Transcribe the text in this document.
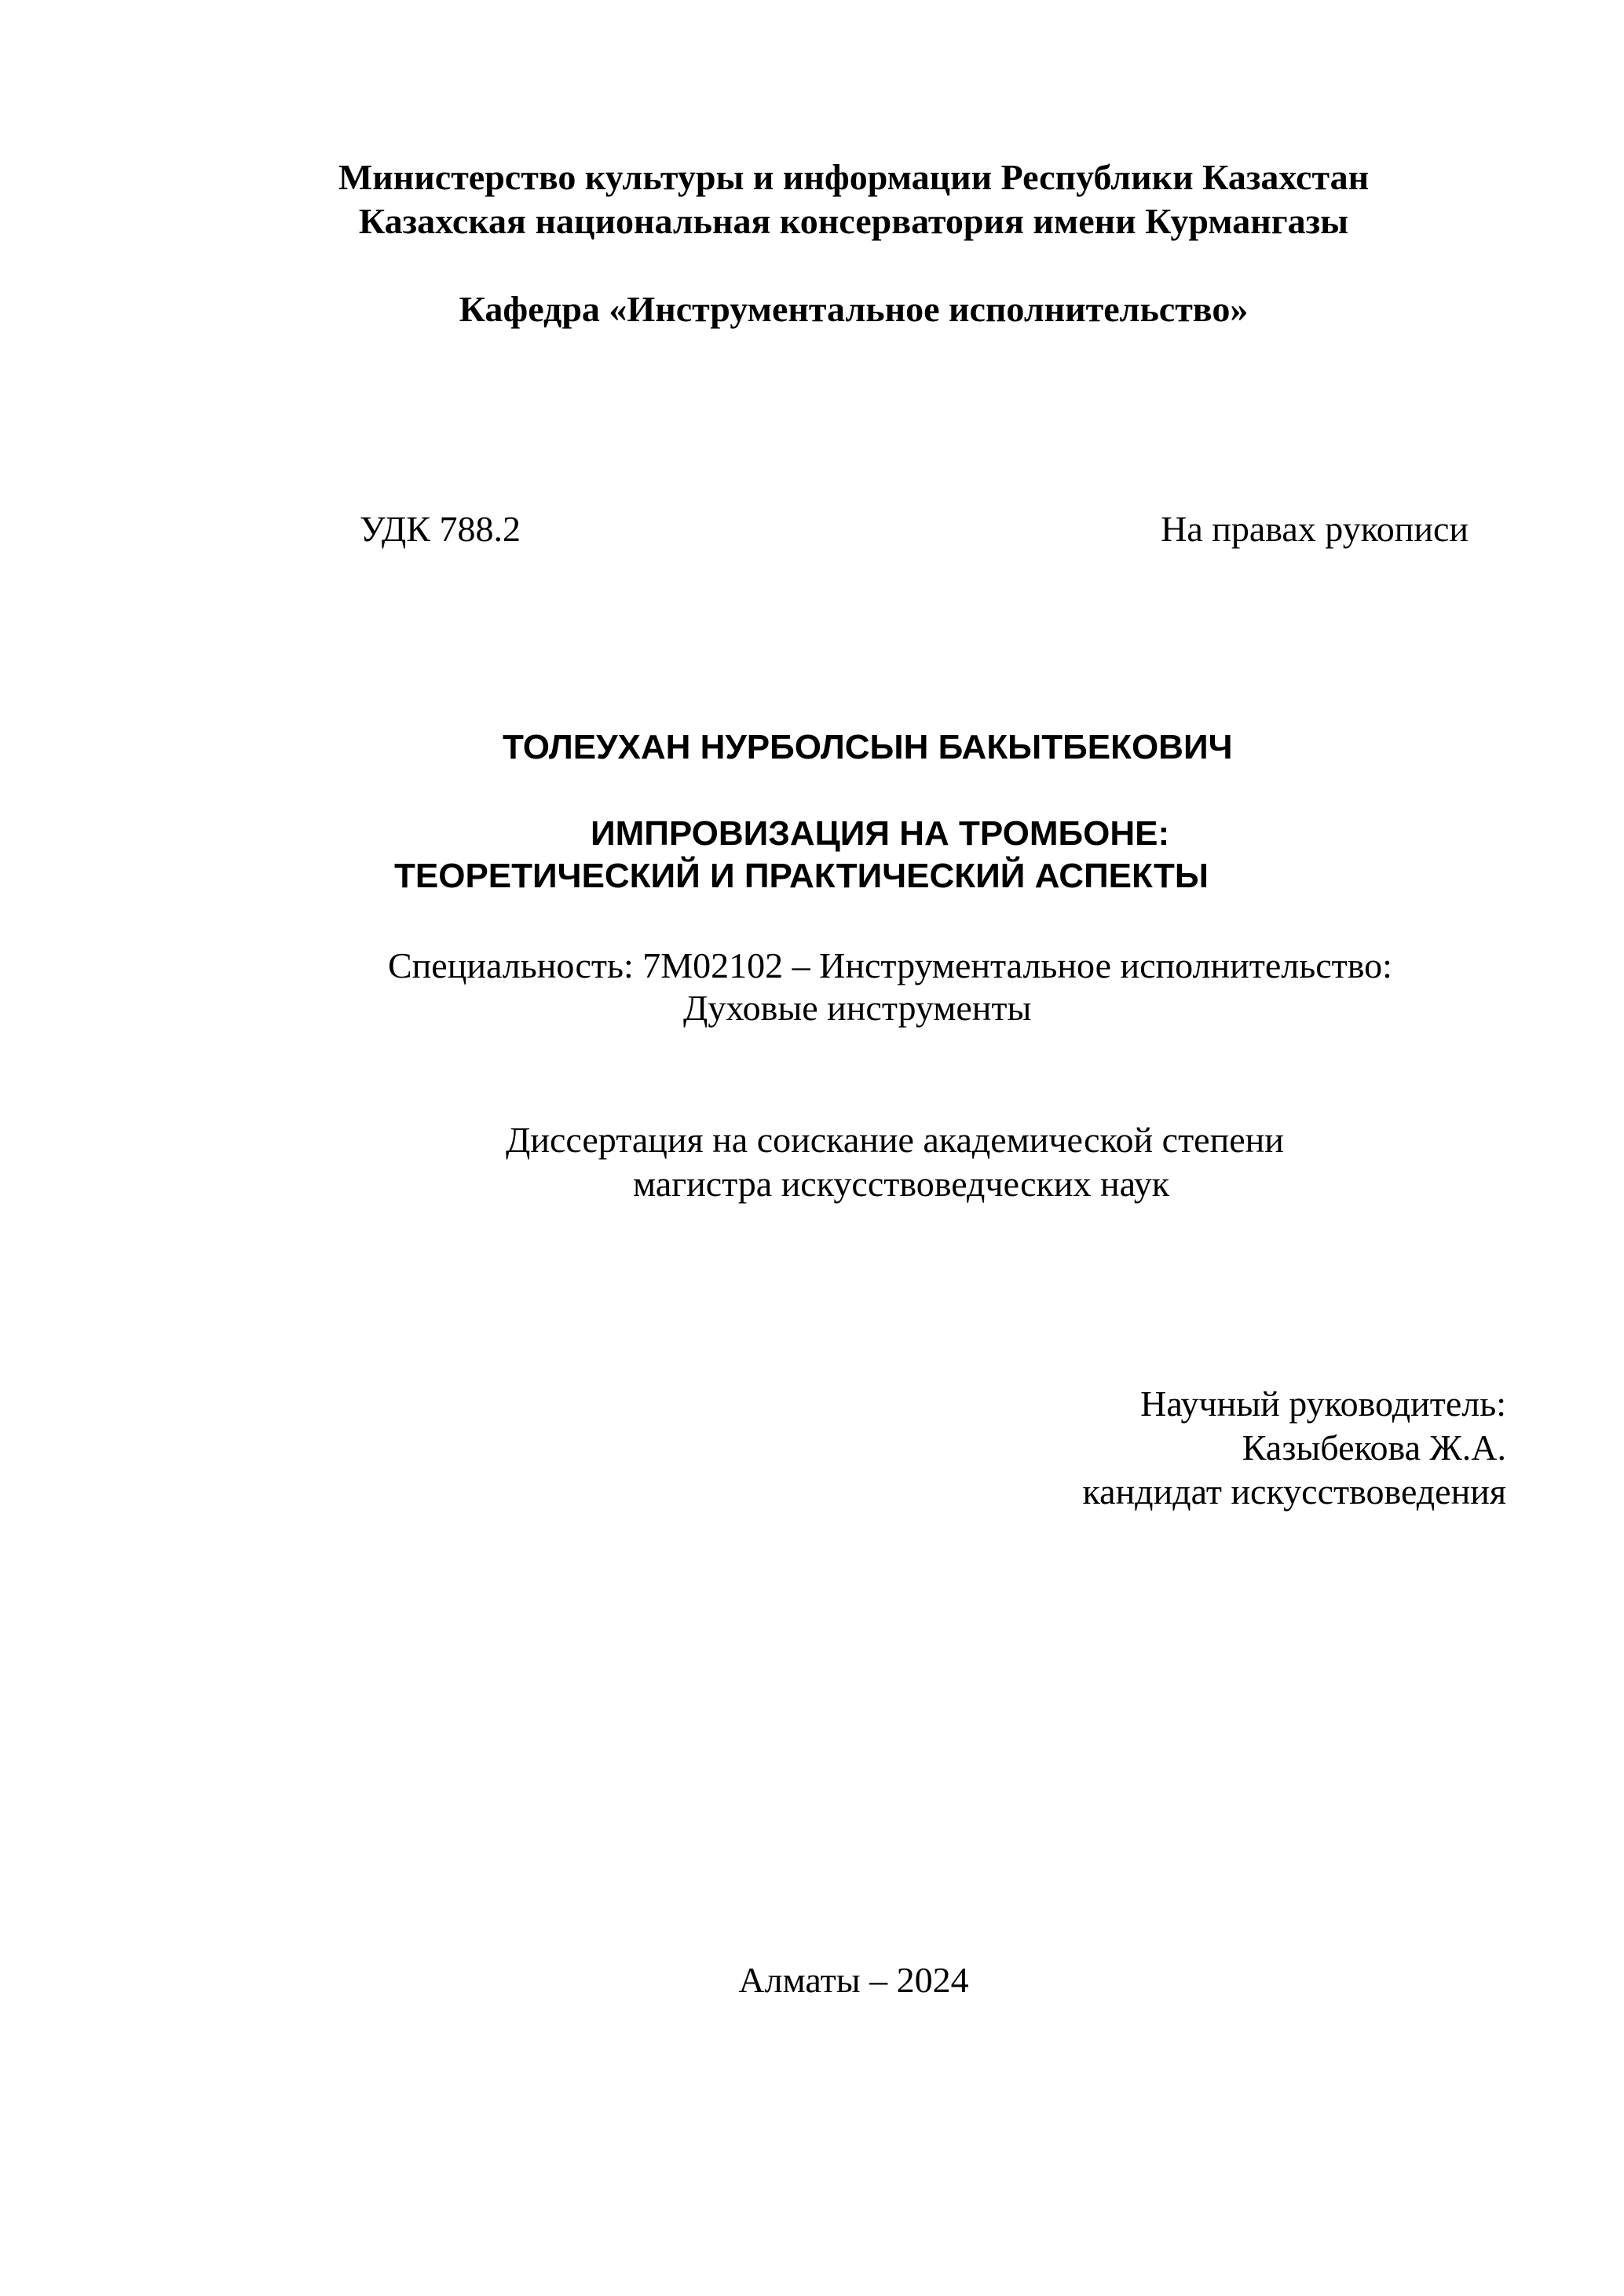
Министерство культуры и информации Республики Казахстан
Казахская национальная консерватория имени Курмангазы
Кафедра «Инструментальное исполнительство»
УДК 788.2	На правах рукописи
ТОЛЕУХАН НУРБОЛСЫН БАКЫТБЕКОВИЧ
ИМПРОВИЗАЦИЯ НА ТРОМБОНЕ:
ТЕОРЕТИЧЕСКИЙ И ПРАКТИЧЕСКИЙ АСПЕКТЫ
Специальность: 7М02102 – Инструментальное исполнительство:
Духовые инструменты
Диссертация на соискание академической степени
магистра искусствоведческих наук
Научный руководитель:
Казыбекова Ж.А.
кандидат искусствоведения
Алматы – 2024
